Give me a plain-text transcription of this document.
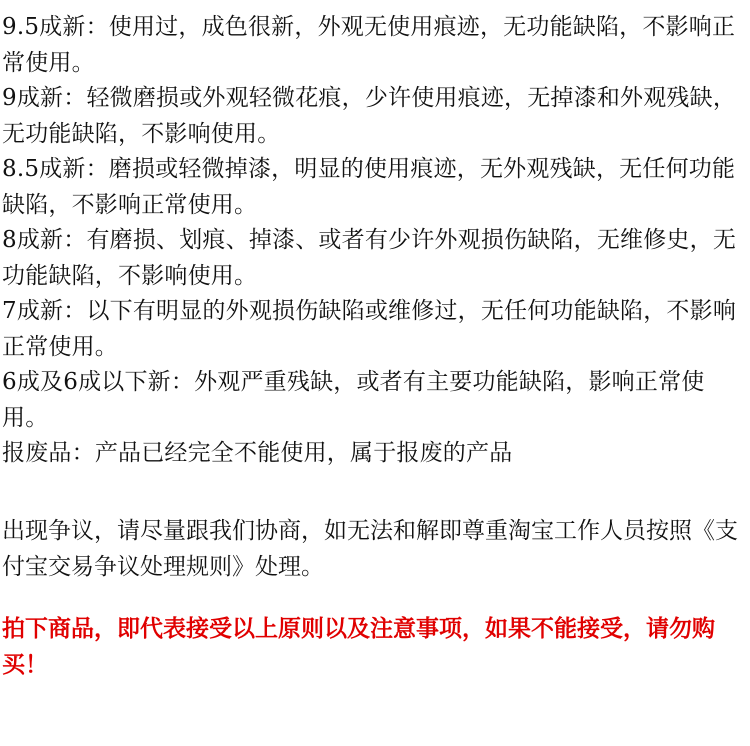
9.5成新：使用过，成色很新，外观无使用痕迹，无功能缺陷，不影响正常使用。

9成新：轻微磨损或外观轻微花痕，少许使用痕迹，无掉漆和外观残缺，无功能缺陷，不影响使用。

8.5成新：磨损或轻微掉漆，明显的使用痕迹，无外观残缺，无任何功能缺陷，不影响正常使用。

8成新：有磨损、划痕、掉漆、或者有少许外观损伤缺陷，无维修史，无功能缺陷，不影响使用。

7成新：以下有明显的外观损伤缺陷或维修过，无任何功能缺陷，不影响正常使用。

6成及6成以下新：外观严重残缺，或者有主要功能缺陷，影响正常使用。

报废品：产品已经完全不能使用，属于报废的产品

出现争议，请尽量跟我们协商，如无法和解即尊重淘宝工作人员按照《支付宝交易争议处理规则》处理。

拍下商品，即代表接受以上原则以及注意事项，如果不能接受，请勿购买！
